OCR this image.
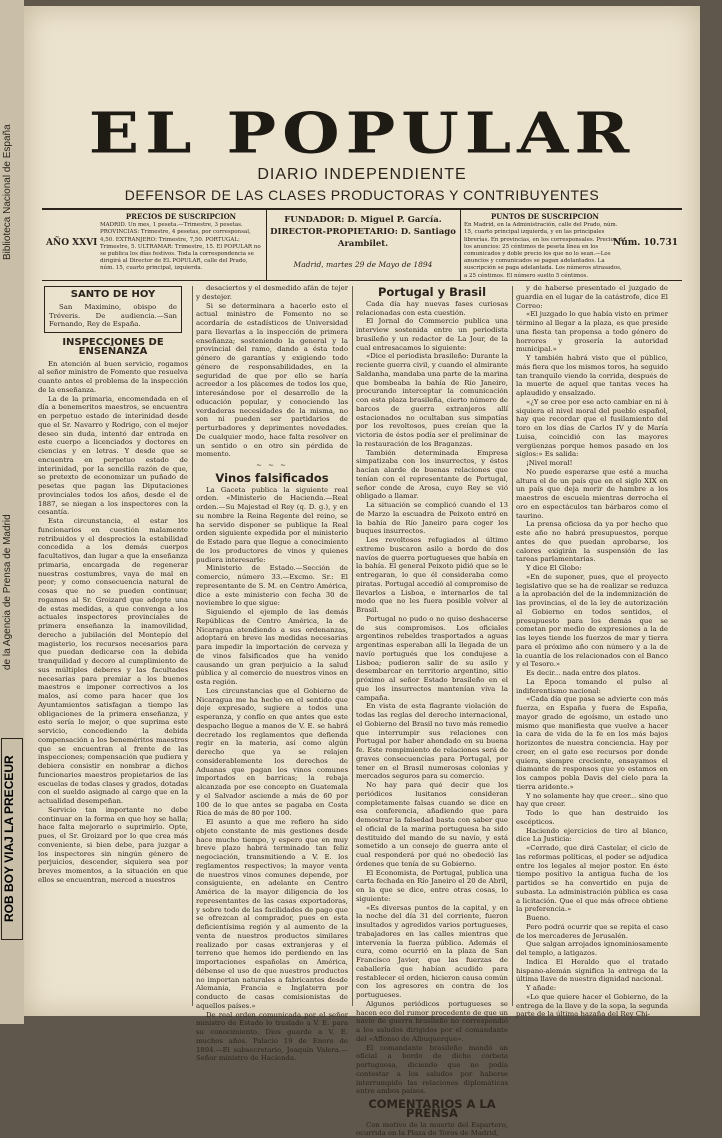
Biblioteca Nacional de España
de la Agencia de Prensa de Madrid
ROB BOY VIAJ LA PRECEUR
EL POPULAR
DIARIO INDEPENDIENTE
DEFENSOR DE LAS CLASES PRODUCTORAS Y CONTRIBUYENTES
AÑO XXVI
PRECIOS DE SUSCRIPCION
MADRID. Un mes, 1 peseta.—Trimestre, 3 pesetas. PROVINCIAS: Trimestre, 4 pesetas, por corresponsal, 4,50. EXTRANJERO: Trimestre, 7,50. PORTUGAL: Trimestre, 5. ULTRAMAR: Trimestre, 15. El POPULAR no se publica los días festivos. Toda la correspondencia se dirigirá al Director de EL POPULAR, calle del Prado, núm. 15, cuarto principal, izquierda.
FUNDADOR: D. Miguel P. García.
DIRECTOR-PROPIETARIO: D. Santiago Arambilet.
Madrid, martes 29 de Mayo de 1894
PUNTOS DE SUSCRIPCION
En Madrid, en la Administración, calle del Prado, núm. 15, cuarto principal izquierda, y en las principales librerías. En provincias, en los corresponsales. Precios de los anuncios: 25 céntimos de peseta línea en los comunicados y doble precio los que no lo sean.—Los anuncios y comunicados se pagan adelantados. La suscripción se paga adelantada. Los números atrasados, a 25 céntimos. El número suelto 5 céntimos.
Núm. 10.731
SANTO DE HOY

San Maximino, obispo de Tréveris. De audiencia.—San Fernando, Rey de España.

INSPECCIONES DE ENSEÑANZA

En atención al buen servicio, rogamos al señor ministro de Fomento que resuelva cuanto antes el problema de la inspección de la enseñanza.

La de la primaria, encomendada en el día a benemeritos maestros, se encuentra en perpetuo estado de interinidad desde que el Sr. Navarro y Rodrigo, con el mejor deseo sin duda, intentó dar entrada en este cuerpo a licenciados y doctores en ciencias y en letras. Y desde que se encuentra en perpetuo estado de interinidad, por la sencilla razón de que, so pretexto de economizar un puñado de pesetas que pagan las Diputaciones provinciales todos los años, desde el de 1887, se niegan a los inspectores con la cesantía.

Esta circunstancia, el estar los funcionarios en cuestión malamente retribuidos y el desprecios la estabilidad concedida a los demás cuerpos facultativos, dan lugar a que la enseñanza primaria, encargada de regenerar nuestras costumbres, vaya de mal en peor; y como consecuencia natural de cosas que no se pueden continuar, rogamos al Sr. Groizard que adopte una de estas medidas, a que convenga a los actuales inspectores provinciales de primera enseñanza la inamovilidad, derecho a jubilación del Montepío del magisterio, los recursos necesarios para que puedan dedicarse con la debida tranquilidad y decoro al cumplimiento de sus múltiples deberes y las facultades necesarias para premiar a los buenos maestros e imponer correctivos a los malos, así como para hacer que los Ayuntamientos satisfagan a tiempo las obligaciones de la primera enseñanza, y esto sería lo mejor, o que suprima este servicio, concediendo la debida compensación a los beneméritos maestros que se encuentran al frente de las inspecciones; compensación que pudiera y debiera consistir en nombrar a dichos funcionarios maestros propietarios de las escuelas de todas clases y grados, dotadas con el sueldo asignado al cargo que en la actualidad desempeñan.

Servicio tan importante no debe continuar en la forma en que hoy se halla; hace falta mejorarlo o suprimirlo. Opte, pues, el Sr. Groizard por lo que crea más conveniente, si bien debe, para juzgar a los inspectores sin ningún género de perjuicios, descender, siquiera sea por breves momentos, a la situación en que ellos se encuentran, merced a nuestros

desaciertos y el desmedido afán de tejer y destejer.

Si se determinara a hacerlo esto el actual ministro de Fomento no se acordaría de estadísticos de Universidad para llevarlas a la inspección de primera enseñanza; sosteniendo la general y la provincial del ramo, dando a ésta todo género de garantías y exigiendo todo género de responsabilidades, en la seguridad de que por ello se haría acreedor a los plácemes de todos los que, interesándose por el desarrollo de la educación popular, y conociendo las verdaderas necesidades de la misma, no son ni pueden ser partidarios de perturbadores y deprimentes novedades. De cualquier modo, hace falta resolver en un sentido o en otro sin pérdida de momento.

~ ~ ~
Vinos falsificados

La Gaceta publica la siguiente real orden. «Ministerio de Hacienda.—Real orden.—Su Majestad el Rey (q. D. g.), y en su nombre la Reina Regente del reino, se ha servido disponer se publique la Real orden siguiente expedida por el ministerio de Estado para que llegue a conocimiento de los productores de vinos y quienes pudiera interesarle:

Ministerio de Estado.—Sección de comercio, número 33.—Excmo. Sr.: El representante de S. M. en Centro América, dice a este ministerio con fecha 30 de noviembre lo que sigue:

Siguiendo el ejemplo de las demás Repúblicas de Centro América, la de Nicaragua atendiendo a sus ordenanzas, adoptará en breve las medidas necesarias para impedir la importación de cerveza y de vinos falsificados que ha venido causando un gran perjuicio a la salud pública y al comercio de nuestros vinos en esta región.

Los circunstancias que el Gobierno de Nicaragua me ha hecho en el sentido que deje expresado, sugiere a todos una esperanza, y confío en que antes que este despacho llegue a manos de V. E. se habrá decretado los reglamentos que defienda regir en la materia, así como algún derecho que ya se relajen considerablemente los derechos de Aduanas que pagan los vinos comunes importados en barricas; la rebaja alcanzada por ese concepto en Guatemala y el Salvador asciende a más de 60 por 100 de lo que antes se pagaba en Costa Rica de más de 80 por 100.

El asunto a que me refiero ha sido objeto constante de mis gestiones desde hace mucho tiempo, y espero que en muy breve plazo habrá terminado tan feliz negociación, transmitiendo a V. E. los reglamentos respectivos; la mayor venta de nuestros vinos comunes depende, por consiguiente, en adelante en Centro América de la mayor diligencia de los representantes de las casas exportadoras, y sobre todo de las facilidades de pago que se ofrezcan al comprador, pues en esta deficientísima región y al aumento de la venta de nuestros productos similares realizado por casas extranjeras y el terreno que hemos ido perdiendo en las importaciones españolas en América, débense el uso de que nuestros productos no importan naturales a fabricantes desde Alemania, Francia e Inglaterra por conducto de casas comisionistas de aquellos países.»

De real orden comunicada por el señor ministro de Estado lo traslado a V. E. para su conocimiento. Dios guarde a V. E. muchos años. Palacio 19 de Enero de 1894.—El subsecretario, Joaquín Valera.—Señor ministro de Hacienda.

Portugal y Brasil

Cada día hay nuevas fases curiosas relacionadas con esta cuestión.

El Jornal do Commercio publica una interview sostenida entre un periodista brasileño y un redactor de La Jour, de la cual entresacamos lo siguiente:

«Dice el periodista brasileño: Durante la reciente guerra civil, y cuando el almirante Saldanha, mandaba una parte de la marina que bombeaba la bahía de Río Janeiro, procurando interceptar la comunicación con esta plaza brasileña, cierto número de barcos de guerra extranjeros allí estacionados no ocultaban sus simpatías por los revoltosos, pues creían que la victoria de éstos podía ser el preliminar de la restauración de los Braganzas.

También determinada Empresa simpatizaba con los insurrectos, y éstos hacían alarde de buenas relaciones que tenían con el representante de Portugal, señor conde de Arosa, cuyo Rey se vió obligado a llamar.

La situación se complicó cuando el 13 de Marzo la escuadra de Peixoto entró en la bahía de Río Janeiro para coger los buques insurrectos.

Los revoltosos refugiados al último extremo buscaron asilo a bordo de dos navíos de guerra portugueses que había en la bahía. El general Peixoto pidió que se le entregaran, lo que él consideraba como piratas. Portugal accedió al compromiso de llevarlos a Lisboa, e internarlos de tal modo que no les fuera posible volver al Brasil.

Portugal no pudo o no quiso deshacerse de sus compromisos. Los oficiales argentinos rebeldes trasportados a aguas argentinas esperaban allí la llegada de un navío portugués que los condujese a Lisboa; pudieron salir de su asilo y desembarcar en territorio argentino, sitio próximo al señor Estado brasileño en el que los insurrectos mantenían viva la campaña.

En vista de esta flagrante violación de todas las reglas del derecho internacional, el Gobierno del Brasil no tuvo más remedio que interrumpir sus relaciones con Portugal por haber ahondado en su buena fe. Este rompimiento de relaciones será de graves consecuencias para Portugal, por tener en el Brasil numerosas colonias y mercados seguros para su comercio.

No hay para qué decir que los periódicos lusitanos consideran completamente falsas cuando se dice en esa conferencia, añadiendo que para demostrar la falsedad basta con saber que el oficial de la marina portuguesa ha sido destituido del mando de su navío, y está sometido a un consejo de guerra ante el cual responderá por qué no obedeció las órdenes que tenía de su Gobierno.

El Economista, de Portugal, publica una carta fechada en Río Janeiro el 20 de Abril, en la que se dice, entre otras cosas, lo siguiente:

«Es diversas puntos de la capital, y en la noche del día 31 del corriente, fueron insultados y agredidos varios portugueses, trabajadores en las calles mientras que intervenía la fuerza pública. Además el cura, como ocurrió en la plaza de San Francisco Javier, que las fuerzas de caballería que habían acudido para restablecer el orden, hicieron causa común con los agresores en contra de los portugueses.

Algunos periódicos portugueses se hacen eco del rumor procedente de que un navío de guerra brasileño no correspondió a los saludos dirigidos por el comandante del «Affonso de Albuquerque».

El comandante brasileño mandó un oficial a bordo de dicho corbeta portuguesa, diciendo que no podía contestar a los saludos por haberse interrumpido las relaciones diplomáticas entre ambos países.

COMENTARIOS A LA PRENSA

Con motivo de la muerte del Espartero, ocurrida en la Plaza de Toros de Madrid,

y de haberse presentado el juzgado de guardia en el lugar de la catástrofe, dice El Correo:

«El juzgado lo que había visto en primer término al llegar a la plaza, es que preside una fiesta tan propensa a todo género de horrores y grosería la autoridad municipal.»

Y también habrá visto que el público, más fiera que los mismos toros, ha seguido tan tranquilo viendo la corrida, después de la muerte de aquel que tantas veces ha aplaudido y ensalzado.

«¿Y se cree por ese acto cambiar en ni à siquiera el nivel moral del pueblo español, hay que recordar que el fusilamiento del toro en los días de Carlos IV y de María Luisa, coincidió con las mayores vergüenzas porque hemos pasado en los siglos:» Es salida:

¡Nivel moral!

No puede esperarse que esté a mucha altura el de un país que en el siglo XIX en un país que deja morir de hambre a los maestros de escuela mientras derrocha el oro en espectáculos tan bárbaros como el taurino.

La prensa oficiosa da ya por hecho que este año no habrá presupuestos, porque antes de que puedan aprobarse, los calores exigirán la suspensión de las tareas parlamentarias.

Y dice El Globo:

«En de suponer, pues, que el proyecto legislativo que se ha de realizar se reduzca a la aprobación del de la indemnización de las provincias, el de la ley de autorización al Gobierno en todos sentidos, el presupuesto para los demás que se cometan por medio de expresiones a la de las leyes tiende los fuerzos de mar y tierra para el próximo año con número y a la de la cuantía de los relacionados con el Banco y el Tesoro.»

Es decir... nada entre dos platos.

La Época tomando el pulso al indiferentismo nacional:

«Cada día que pasa se advierte con más fuerza, en España y fuera de España, mayor grado de egoísmo, un estado uno mismo que manifiesta que vuelve a hacer la cara de vida de la fe en los más bajos horizontes de nuestra conciencia. Hay por creer, en el gato ese recursos por donde quiera, siempre creciente, ensayamos el diamante de responsos que yo estamos en los campos pobla Davis del cielo para la tierra aridente.»

Y no solamente hay que creer... sino que hay que creer.

Todo lo que han destruido los escépticos.

Haciendo ejercicios de tiro al blanco, dice La Justicia:

«Cerrado, que dirá Castelar, el ciclo de las reformas políticas, el poder se adjudica entre los legales al mejor postor. En éste tiempo positivo la antigua fucha de los partidos se ha convertido en puja de subasta. La administración pública es casa a licitación. Que el que más ofrece obtiene la preferencia.»

Bueno.

Pero podrá ocurrir que se repita el caso de los mercaderes de Jerusalén.

Que salgan arrojados ignominiosamente del templo, a latigazos.

Indica El Heraldo que el tratado hispano-alemán significa la entrega de la última llave de nuestra dignidad nacional.

Y añade:

«Lo que quiere hacer el Gobierno, de la entrega de la llave y de la sopa, la segunda parte de la última hazaña del Rey Chi-
